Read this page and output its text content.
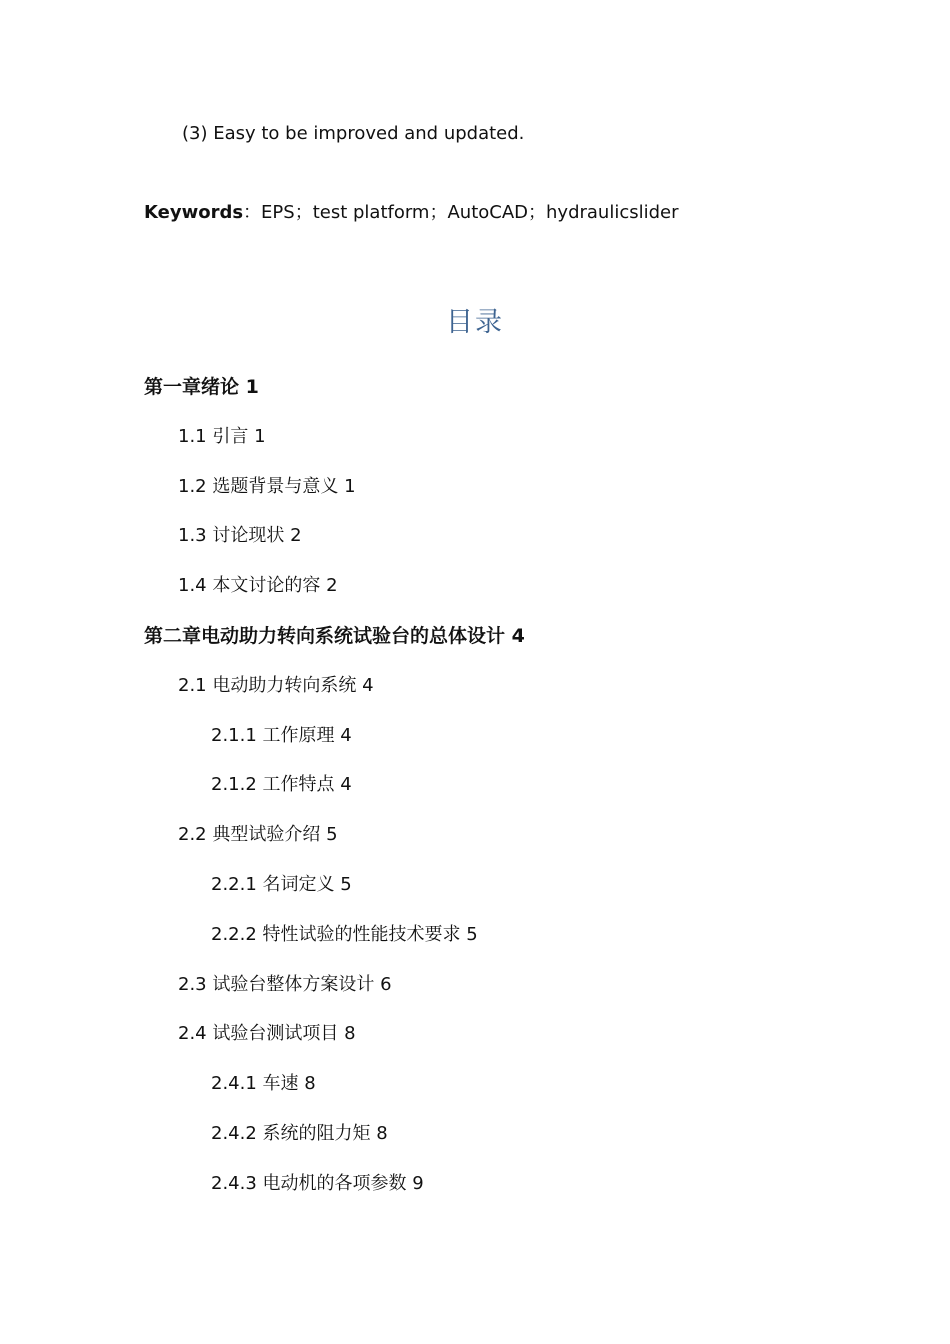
(3) Easy to be improved and updated.
Keywords：EPS；test platform；AutoCAD；hydraulicslider
目录
第一章绪论 1
1.1 引言 1
1.2 选题背景与意义 1
1.3 讨论现状 2
1.4 本文讨论的容 2
第二章电动助力转向系统试验台的总体设计 4
2.1 电动助力转向系统 4
2.1.1 工作原理 4
2.1.2 工作特点 4
2.2 典型试验介绍 5
2.2.1 名词定义 5
2.2.2 特性试验的性能技术要求 5
2.3 试验台整体方案设计 6
2.4 试验台测试项目 8
2.4.1 车速 8
2.4.2 系统的阻力矩 8
2.4.3 电动机的各项参数 9
